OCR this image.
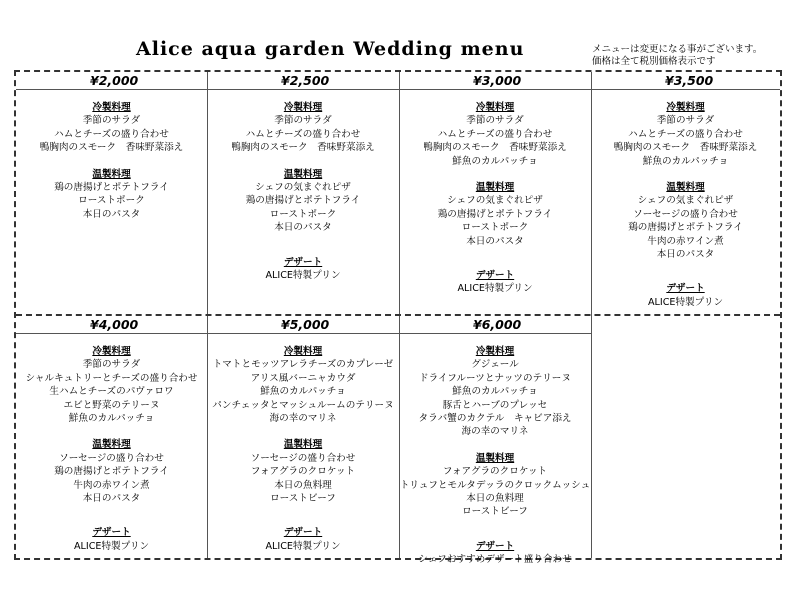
Alice aqua garden Wedding menu	メニューは変更になる事がございます。
価格は全て税別価格表示です
¥2,000
冷製料理
季節のサラダ
ハムとチーズの盛り合わせ
鴨胸肉のスモーク　香味野菜添え
温製料理
鶏の唐揚げとポテトフライ
ローストポーク
本日のパスタ
¥2,500
冷製料理
季節のサラダ
ハムとチーズの盛り合わせ
鴨胸肉のスモーク　香味野菜添え
温製料理
シェフの気まぐれピザ
鶏の唐揚げとポテトフライ
ローストポーク
本日のパスタ
デザート
ALICE特製プリン
¥3,000
冷製料理
季節のサラダ
ハムとチーズの盛り合わせ
鴨胸肉のスモーク　香味野菜添え
鮮魚のカルパッチョ
温製料理
シェフの気まぐれピザ
鶏の唐揚げとポテトフライ
ローストポーク
本日のパスタ
デザート
ALICE特製プリン
¥3,500
冷製料理
季節のサラダ
ハムとチーズの盛り合わせ
鴨胸肉のスモーク　香味野菜添え
鮮魚のカルパッチョ
温製料理
シェフの気まぐれピザ
ソーセージの盛り合わせ
鶏の唐揚げとポテトフライ
牛肉の赤ワイン煮
本日のパスタ
デザート
ALICE特製プリン
¥4,000
冷製料理
季節のサラダ
シャルキュトリーとチーズの盛り合わせ
生ハムとチーズのパヴァロワ
エビと野菜のテリーヌ
鮮魚のカルパッチョ
温製料理
ソーセージの盛り合わせ
鶏の唐揚げとポテトフライ
牛肉の赤ワイン煮
本日のパスタ
デザート
ALICE特製プリン
¥5,000
冷製料理
トマトとモッツアレラチーズのカプレーゼ
アリス風バーニャカウダ
鮮魚のカルパッチョ
パンチェッタとマッシュルームのテリーヌ
海の幸のマリネ
温製料理
ソーセージの盛り合わせ
フォアグラのクロケット
本日の魚料理
ローストビーフ
デザート
ALICE特製プリン
¥6,000
冷製料理
グジェール
ドライフルーツとナッツのテリーヌ
鮮魚のカルパッチョ
豚舌とハーブのプレッセ
タラバ蟹のカクテル　キャビア添え
海の幸のマリネ
温製料理
フォアグラのクロケット
トリュフとモルタデッラのクロックムッシュ
本日の魚料理
ローストビーフ
デザート
シェフおすすめデザート盛り合わせ
